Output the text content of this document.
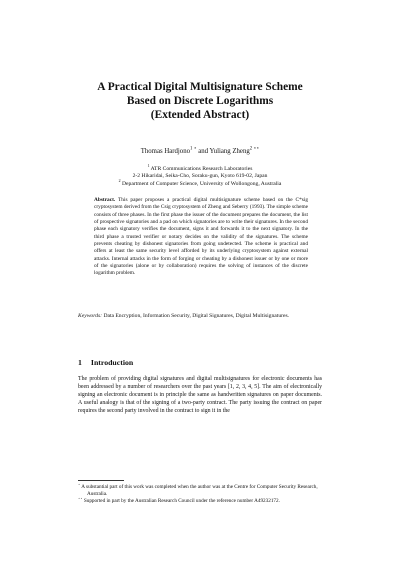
A Practical Digital Multisignature Scheme
Based on Discrete Logarithms
(Extended Abstract)
Thomas Hardjono$^{1 ⋆}$ and Yuliang Zheng$^{2 ⋆⋆}$
$^1$ ATR Communications Research Laboratories
2-2 Hikaridai, Seika-Cho, Soraku-gun, Kyoto 619-02, Japan
$^2$ Department of Computer Science, University of Wollongong, Australia
Abstract. This paper proposes a practical digital multisignature scheme based on the C*sig cryptosystem derived from the Csig cryptosystem of Zheng and Seberry (1993). The simple scheme consists of three phases. In the first phase the issuer of the document prepares the document, the list of prospective signatories and a pad on which signatories are to write their signatures. In the second phase each signatory verifies the document, signs it and forwards it to the next signatory. In the third phase a trusted verifier or notary decides on the validity of the signatures. The scheme prevents cheating by dishonest signatories from going undetected. The scheme is practical and offers at least the same security level afforded by its underlying cryptosystem against external attacks. Internal attacks in the form of forging or cheating by a dishonest issuer or by one or more of the signatories (alone or by collaboration) requires the solving of instances of the discrete logarithm problem.
Keywords: Data Encryption, Information Security, Digital Signatures, Digital Multisignatures.
1 Introduction
The problem of providing digital signatures and digital multisignatures for electronic documents has been addressed by a number of researchers over the past years [1, 2, 3, 4, 5]. The aim of electronically signing an electronic document is in principle the same as handwritten signatures on paper documents. A useful analogy is that of the signing of a two-party contract. The party issuing the contract on paper requires the second party involved in the contract to sign it in the
⋆ A substantial part of this work was completed when the author was at the Centre for Computer Security Research, Australia.
⋆⋆ Supported in part by the Australian Research Council under the reference number A49232172.
